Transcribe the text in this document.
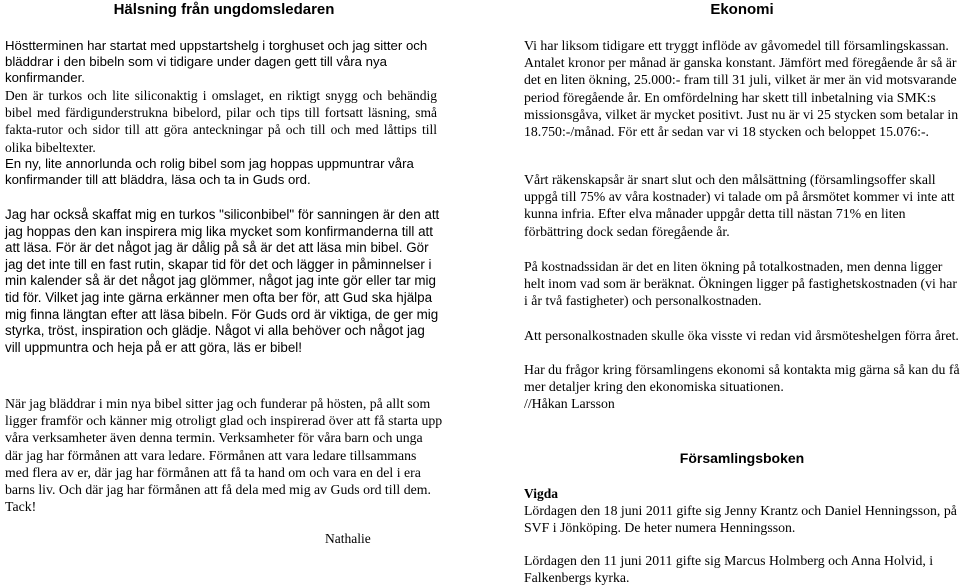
Hälsning från ungdomsledaren

Höstterminen har startat med uppstartshelg i torghuset och jag sitter och bläddrar i den bibeln som vi tidigare under dagen gett till våra nya konfirmander.

Den är turkos och lite siliconaktig i omslaget, en riktigt snygg och behändig bibel med färdigunderstrukna bibelord, pilar och tips till fortsatt läsning, små fakta-rutor och sidor till att göra anteckningar på och till och med låttips till olika bibeltexter.

En ny, lite annorlunda och rolig bibel som jag hoppas uppmuntrar våra konfirmander till att bläddra, läsa och ta in Guds ord.

Jag har också skaffat mig en turkos "siliconbibel" för sanningen är den att jag hoppas den kan inspirera mig lika mycket som konfirmanderna till att att läsa. För är det något jag är dålig på så är det att läsa min bibel. Gör jag det inte till en fast rutin, skapar tid för det och lägger in påminnelser i min kalender så är det något jag glömmer, något jag inte gör eller tar mig tid för. Vilket jag inte gärna erkänner men ofta ber för, att Gud ska hjälpa mig finna längtan efter att läsa bibeln. För Guds ord är viktiga, de ger mig styrka, tröst, inspiration och glädje. Något vi alla behöver och något jag vill uppmuntra och heja på er att göra, läs er bibel!

När jag bläddrar i min nya bibel sitter jag och funderar på hösten, på allt som ligger framför och känner mig otroligt glad och inspirerad över att få starta upp våra verksamheter även denna termin. Verksamheter för våra barn och unga där jag har förmånen att vara ledare. Förmånen att vara ledare tillsammans med flera av er, där jag har förmånen att få ta hand om och vara en del i era barns liv. Och där jag har förmånen att få dela med mig av Guds ord till dem. Tack!

Nathalie
Ekonomi

Vi har liksom tidigare ett tryggt inflöde av gåvomedel till församlingskassan. Antalet kronor per månad är ganska konstant. Jämfört med föregående år så är det en liten ökning, 25.000:- fram till 31 juli, vilket är mer än vid motsvarande period föregående år. En omfördelning har skett till inbetalning via SMK:s missionsgåva, vilket är mycket positivt. Just nu är vi 25 stycken som betalar in 18.750:-/månad. För ett år sedan var vi 18 stycken och beloppet 15.076:-.

Vårt räkenskapsår är snart slut och den målsättning (församlingsoffer skall uppgå till 75% av våra kostnader) vi talade om på årsmötet kommer vi inte att kunna infria. Efter elva månader uppgår detta till nästan 71% en liten förbättring dock sedan föregående år.

På kostnadssidan är det en liten ökning på totalkostnaden, men denna ligger helt inom vad som är beräknat. Ökningen ligger på fastighetskostnaden (vi har i år två fastigheter) och personalkostnaden.

Att personalkostnaden skulle öka visste vi redan vid årsmöteshelgen förra året.

Har du frågor kring församlingens ekonomi så kontakta mig gärna så kan du få mer detaljer kring den ekonomiska situationen.

//Håkan Larsson

Församlingsboken

Vigda

Lördagen den 18 juni 2011 gifte sig Jenny Krantz och Daniel Henningsson, på SVF i Jönköping. De heter numera Henningsson.

Lördagen den 11 juni 2011 gifte sig Marcus Holmberg och Anna Holvid, i Falkenbergs kyrka.
